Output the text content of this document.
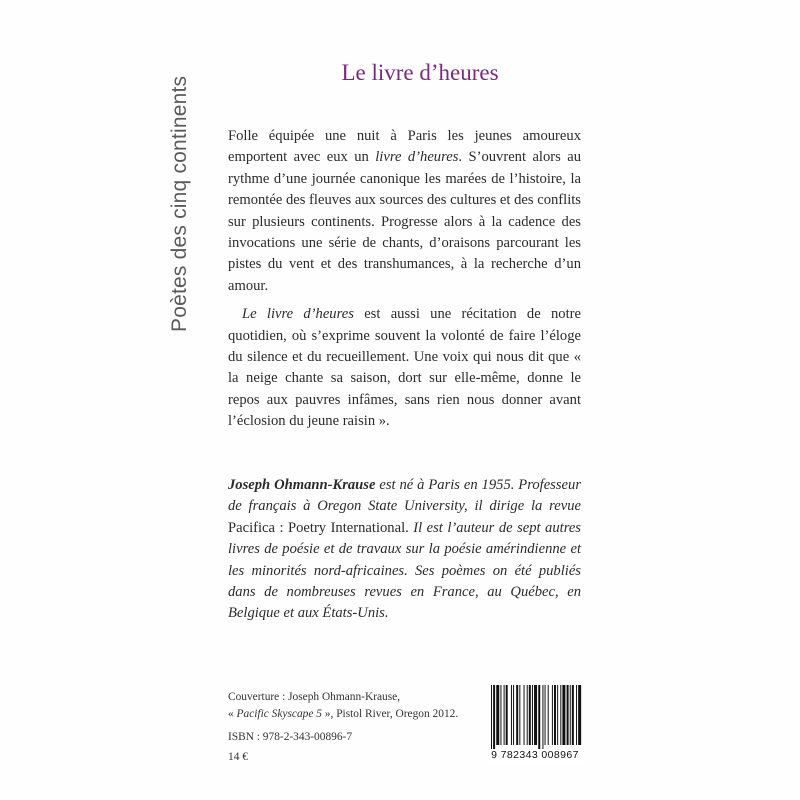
Poètes des cinq continents
Le livre d’heures

Folle équipée une nuit à Paris les jeunes amoureux emportent avec eux un livre d’heures. S’ouvrent alors au rythme d’une journée canonique les marées de l’histoire, la remontée des fleuves aux sources des cultures et des conflits sur plusieurs continents. Progresse alors à la cadence des invocations une série de chants, d’oraisons parcourant les pistes du vent et des transhumances, à la recherche d’un amour.

Le livre d’heures est aussi une récitation de notre quotidien, où s’exprime souvent la volonté de faire l’éloge du silence et du recueillement. Une voix qui nous dit que « la neige chante sa saison, dort sur elle-même, donne le repos aux pauvres infâmes, sans rien nous donner avant l’éclosion du jeune raisin ».

Joseph Ohmann-Krause est né à Paris en 1955. Professeur de français à Oregon State University, il dirige la revue Pacifica : Poetry International. Il est l’auteur de sept autres livres de poésie et de travaux sur la poésie amérindienne et les minorités nord-africaines. Ses poèmes on été publiés dans de nombreuses revues en France, au Québec, en Belgique et aux États-Unis.
Couverture : Joseph Ohmann-Krause,
« Pacific Skyscape 5 », Pistol River, Oregon 2012.
ISBN : 978-2-343-00896-7
14 €	9 782343 008967
